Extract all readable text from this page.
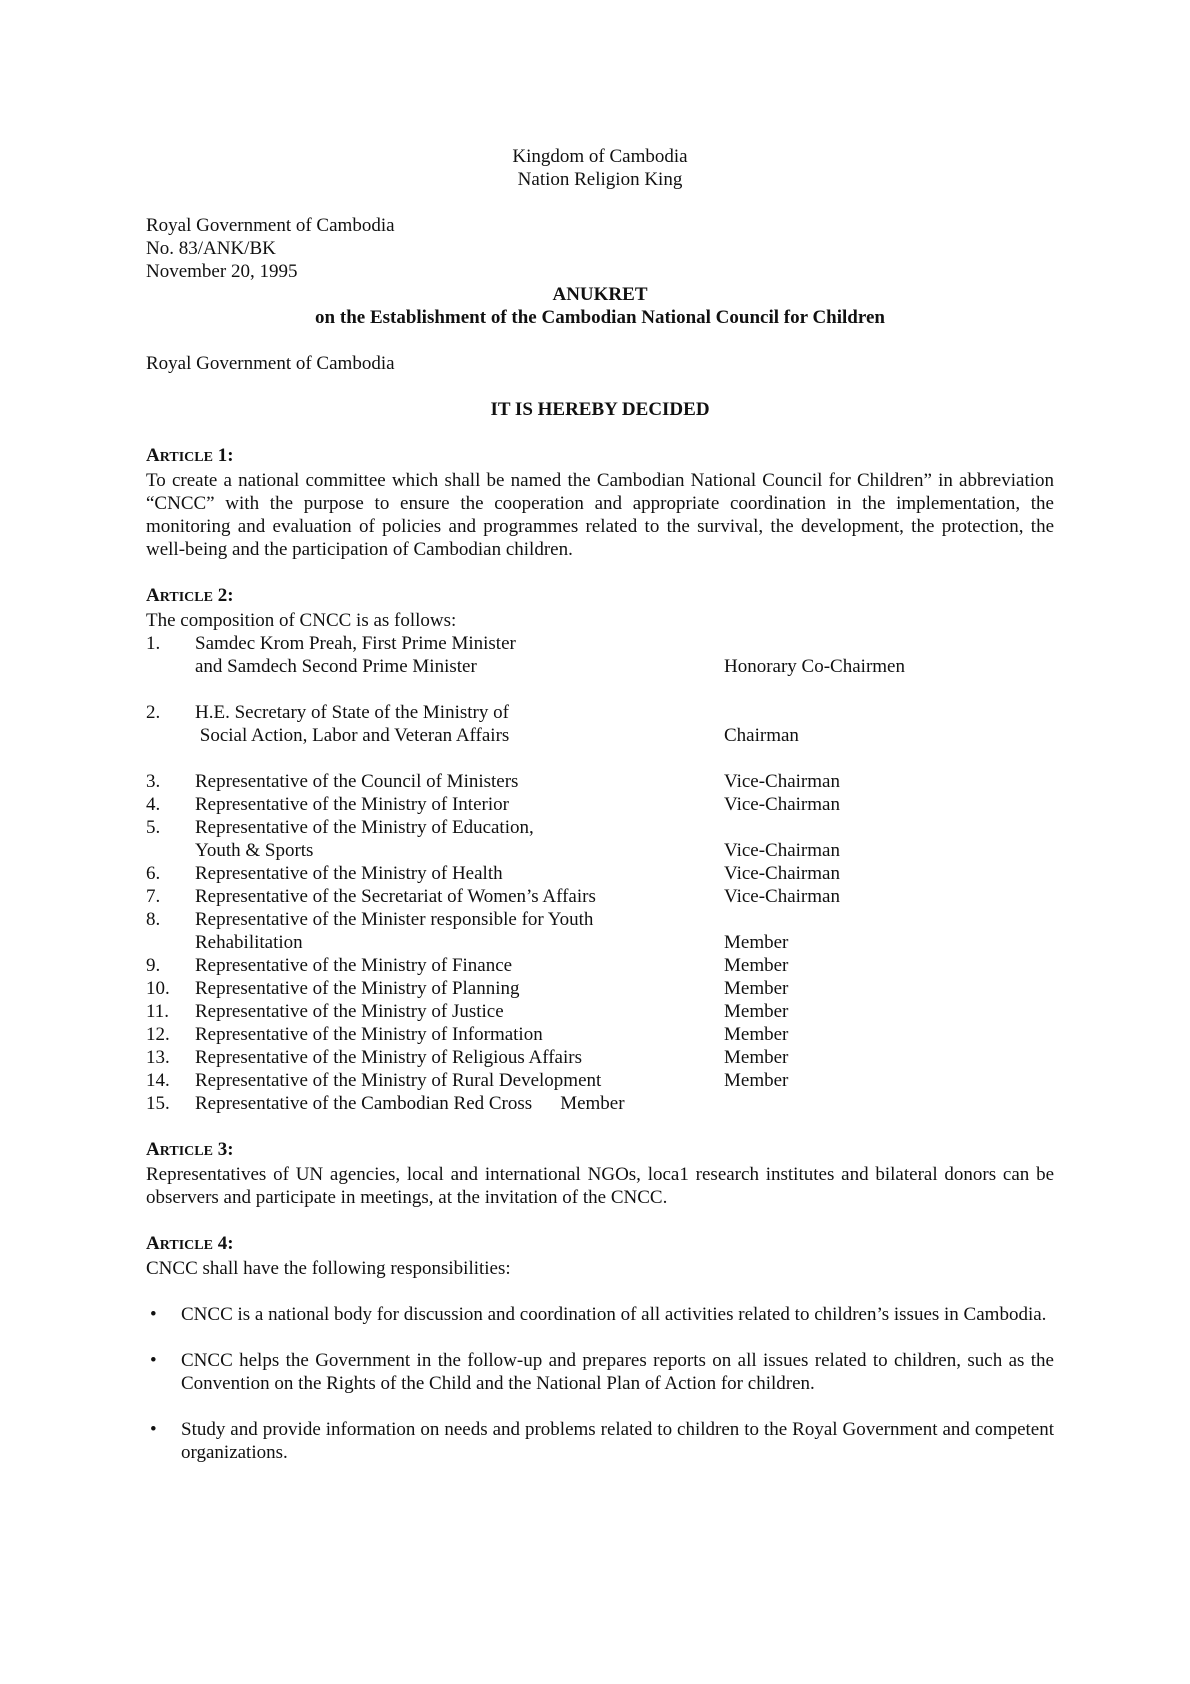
Kingdom of Cambodia
Nation Religion King
Royal Government of Cambodia
No. 83/ANK/BK
November 20, 1995
ANUKRET
on the Establishment of the Cambodian National Council for Children
Royal Government of Cambodia
IT IS HEREBY DECIDED
ARTICLE 1:
To create a national committee which shall be named the Cambodian National Council for Children” in abbreviation “CNCC” with the purpose to ensure the cooperation and appropriate coordination in the implementation, the monitoring and evaluation of policies and programmes related to the survival, the development, the protection, the well-being and the participation of Cambodian children.
ARTICLE 2:
The composition of CNCC is as follows:
1. Samdec Krom Preah, First Prime Minister
and Samdech Second Prime Minister	Honorary Co-Chairmen
2. H.E. Secretary of State of the Ministry of
Social Action, Labor and Veteran Affairs	Chairman
3. Representative of the Council of Ministers	Vice-Chairman
4. Representative of the Ministry of Interior	Vice-Chairman
5. Representative of the Ministry of Education,
Youth & Sports	Vice-Chairman
6. Representative of the Ministry of Health	Vice-Chairman
7. Representative of the Secretariat of Women’s Affairs	Vice-Chairman
8. Representative of the Minister responsible for Youth
Rehabilitation	Member
9. Representative of the Ministry of Finance	Member
10. Representative of the Ministry of Planning	Member
11. Representative of the Ministry of Justice	Member
12. Representative of the Ministry of Information	Member
13. Representative of the Ministry of Religious Affairs	Member
14. Representative of the Ministry of Rural Development	Member
15. Representative of the Cambodian Red Cross Member
ARTICLE 3:
Representatives of UN agencies, local and international NGOs, loca1 research institutes and bilateral donors can be observers and participate in meetings, at the invitation of the CNCC.
ARTICLE 4:
CNCC shall have the following responsibilities:
• CNCC is a national body for discussion and coordination of all activities related to children’s issues in Cambodia.
• CNCC helps the Government in the follow-up and prepares reports on all issues related to children, such as the Convention on the Rights of the Child and the National Plan of Action for children.
• Study and provide information on needs and problems related to children to the Royal Government and competent organizations.
